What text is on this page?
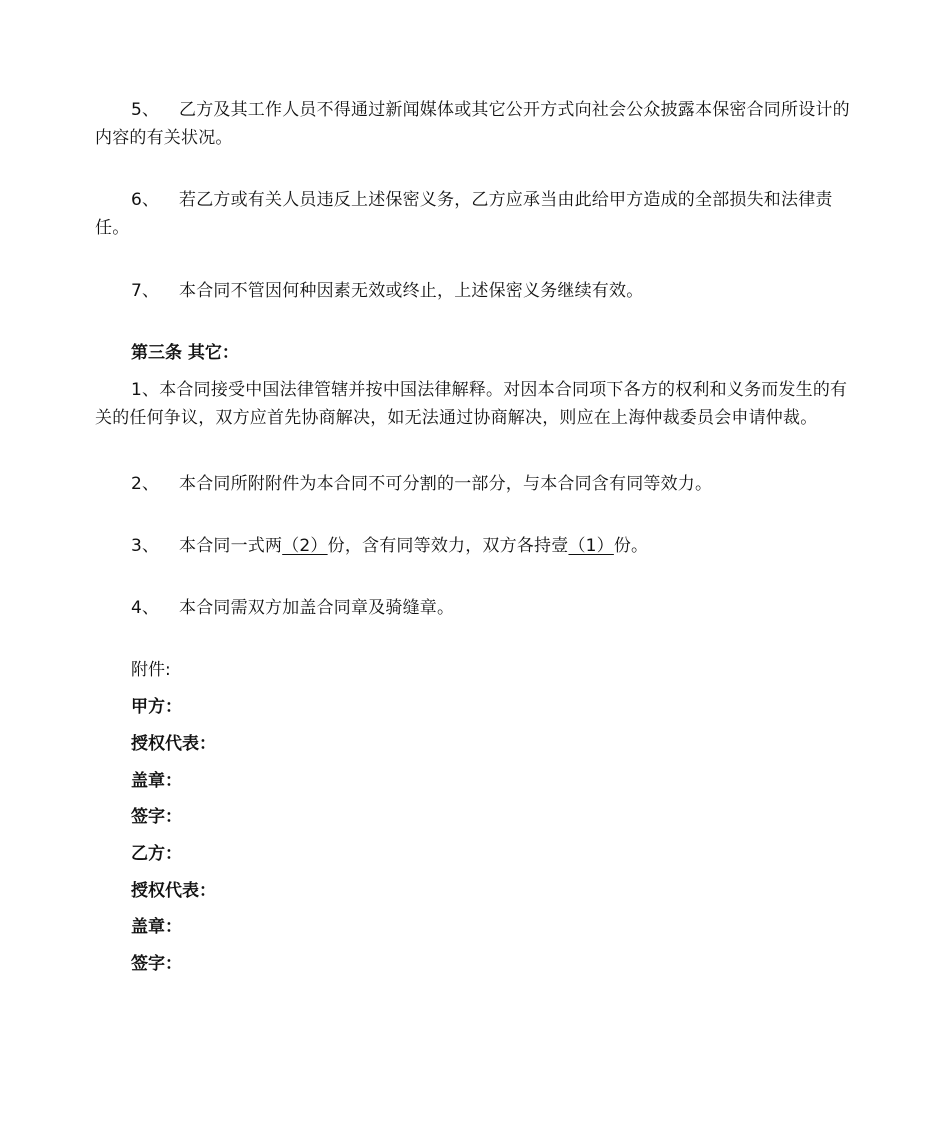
5、 乙方及其工作人员不得通过新闻媒体或其它公开方式向社会公众披露本保密合同所设计的内容的有关状况。

6、 若乙方或有关人员违反上述保密义务，乙方应承当由此给甲方造成的全部损失和法律责任。

7、 本合同不管因何种因素无效或终止，上述保密义务继续有效。

第三条 其它：

1、本合同接受中国法律管辖并按中国法律解释。对因本合同项下各方的权利和义务而发生的有关的任何争议，双方应首先协商解决，如无法通过协商解决，则应在上海仲裁委员会申请仲裁。

2、 本合同所附附件为本合同不可分割的一部分，与本合同含有同等效力。

3、 本合同一式两（2）份，含有同等效力，双方各持壹（1）份。

4、 本合同需双方加盖合同章及骑缝章。

附件:

甲方：

授权代表：

盖章：

签字：

乙方：

授权代表：

盖章：

签字：
